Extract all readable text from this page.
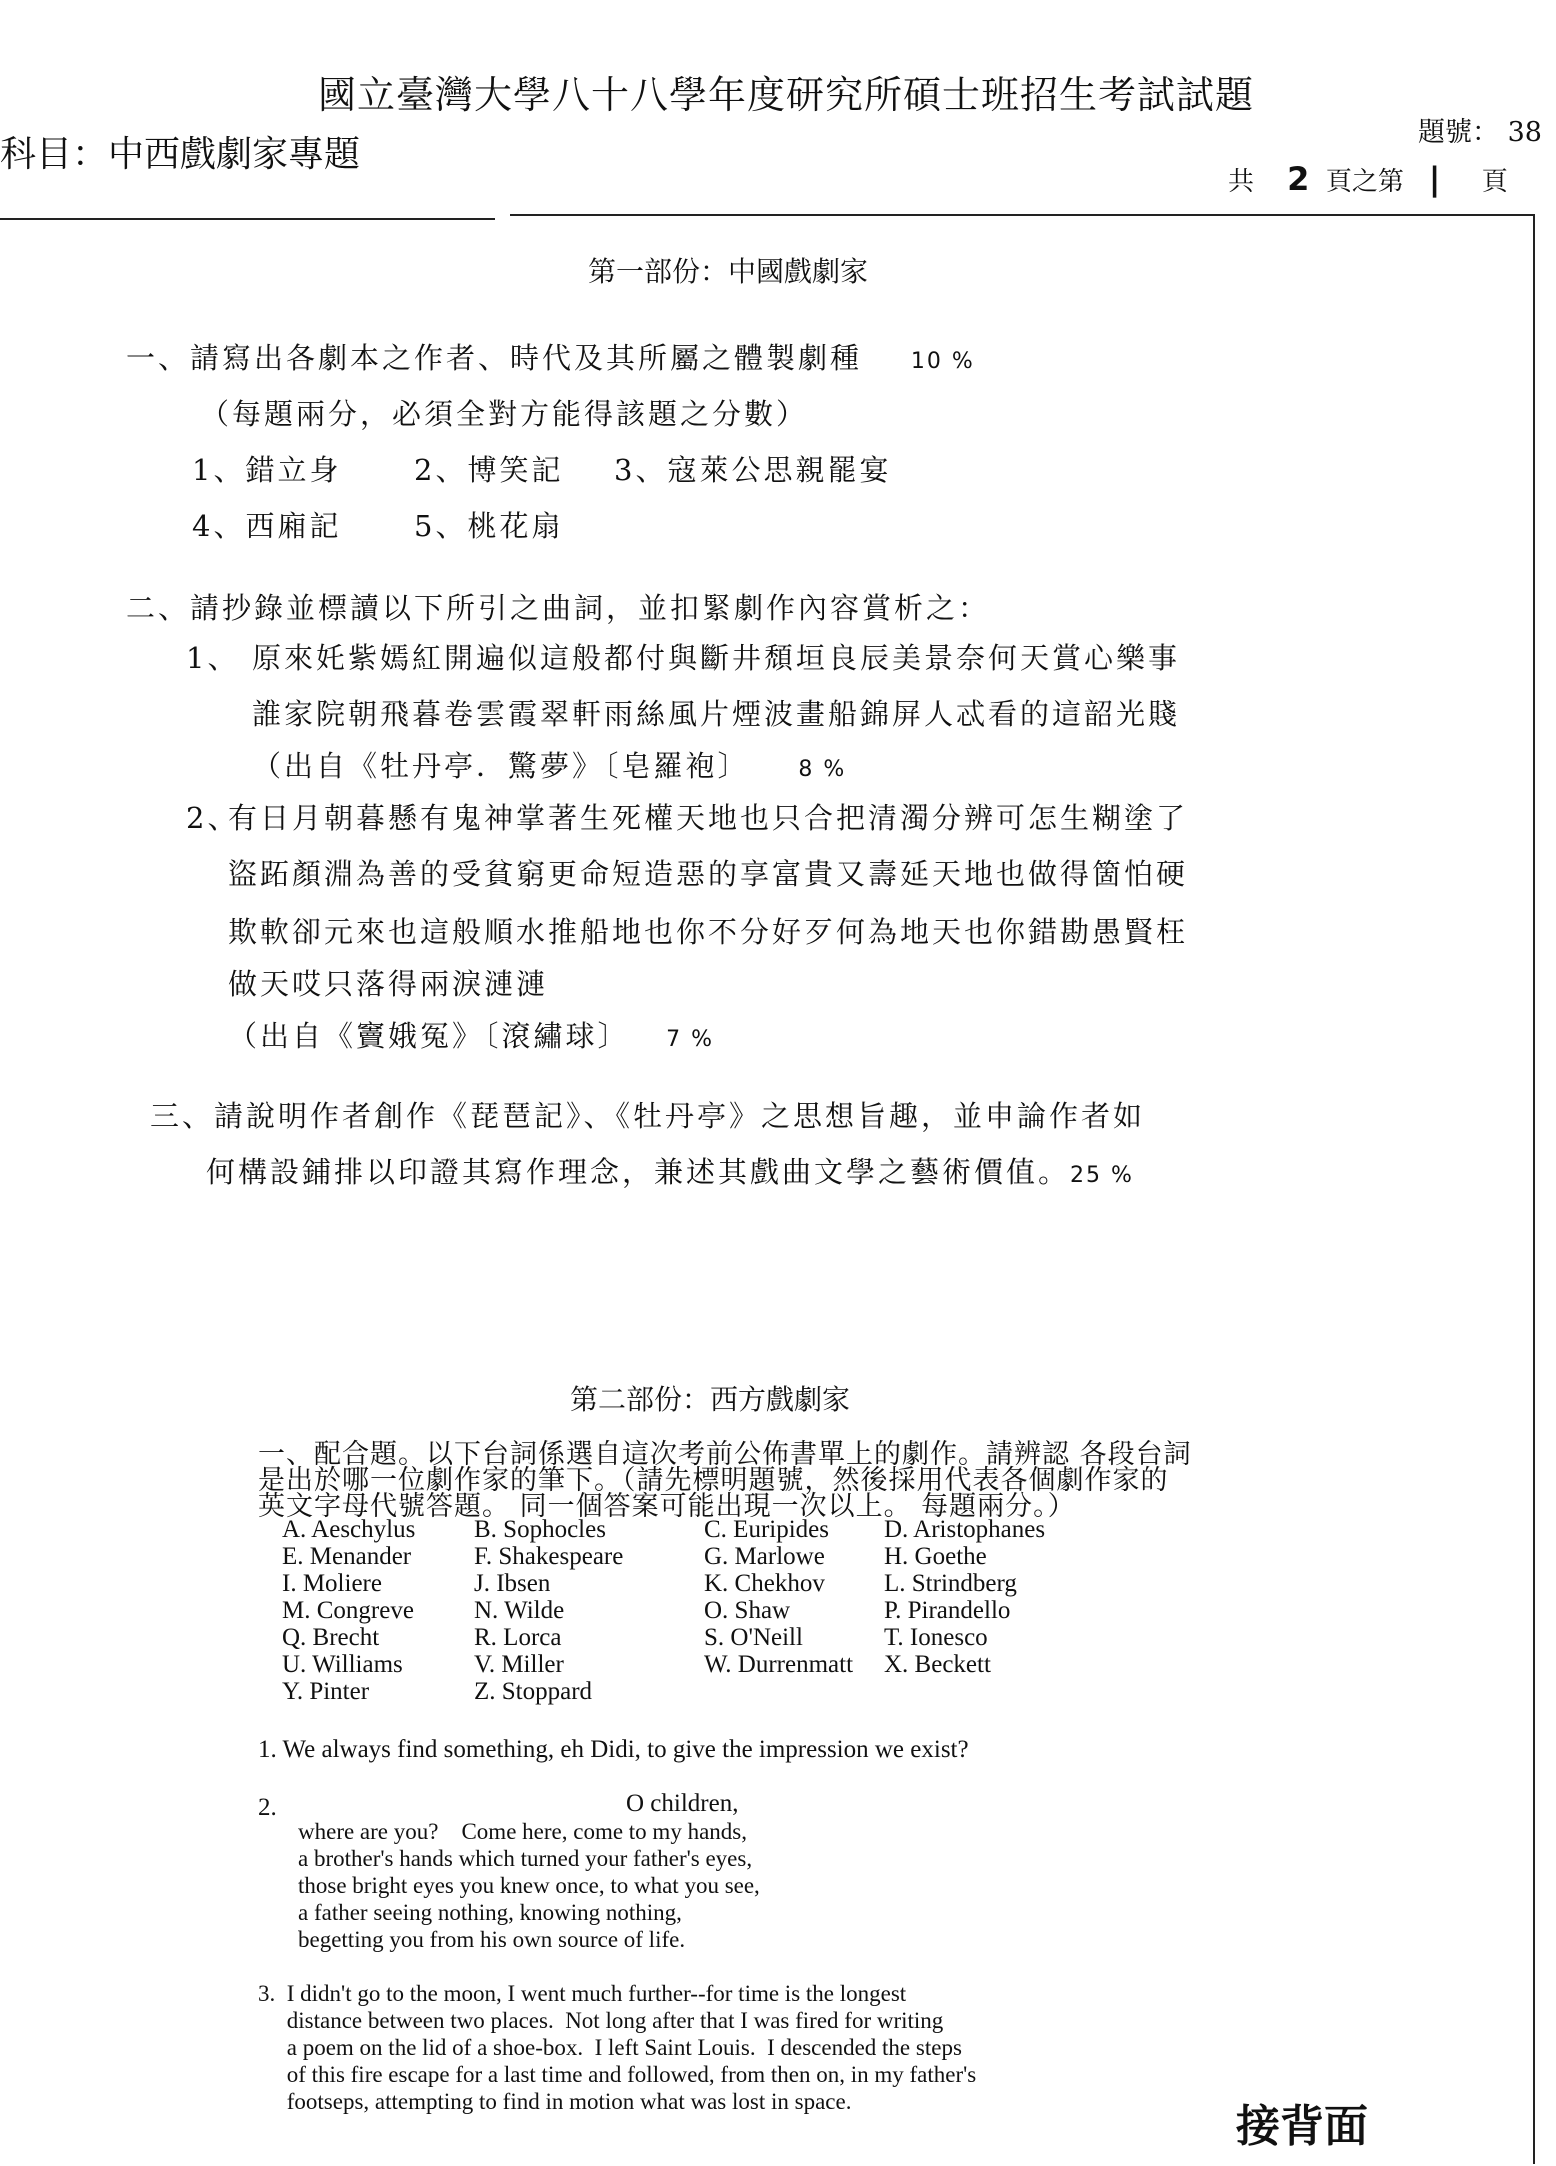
國立臺灣大學八十八學年度研究所碩士班招生考試試題
科目：中西戲劇家專題
題號： 38
共 2 頁之第 | 頁
第一部份：中國戲劇家
一、請寫出各劇本之作者、時代及其所屬之體製劇種 10 %
（每題兩分，必須全對方能得該題之分數）
1、錯立身	2、博笑記 3、寇萊公思親罷宴
4、西廂記	5、桃花扇
二、請抄錄並標讀以下所引之曲詞，並扣緊劇作內容賞析之：
1、 原來奼紫嫣紅開遍似這般都付與斷井頹垣良辰美景奈何天賞心樂事
誰家院朝飛暮卷雲霞翠軒雨絲風片煙波畫船錦屏人忒看的這韶光賤
（出自《牡丹亭．驚夢》〔皂羅袍〕 8 %
2、
有日月朝暮懸有鬼神掌著生死權天地也只合把清濁分辨可怎生糊塗了
盜跖顏淵為善的受貧窮更命短造惡的享富貴又壽延天地也做得箇怕硬
欺軟卻元來也這般順水推船地也你不分好歹何為地天也你錯勘愚賢枉
做天哎只落得兩淚漣漣
（出自《竇娥冤》〔滾繡球〕 7 %
三、請說明作者創作《琵琶記》、《牡丹亭》之思想旨趣，並申論作者如
何構設鋪排以印證其寫作理念，兼述其戲曲文學之藝術價值。25 %
第二部份：西方戲劇家
一、配合題。以下台詞係選自這次考前公佈書單上的劇作。請辨認 各段台詞
是出於哪一位劇作家的筆下。（請先標明題號，然後採用代表各個劇作家的
英文字母代號答題。 同一個答案可能出現一次以上。 每題兩分。）
A. Aeschylus B. Sophocles	C. Euripides D. Aristophanes
E. Menander	F. Shakespeare	G. Marlowe H. Goethe
I. Moliere	J. Ibsen	K. Chekhov L. Strindberg
M. Congreve N. Wilde	O. Shaw	P. Pirandello
Q. Brecht	R. Lorca	S. O'Neill	T. Ionesco
U. Williams	V. Miller	W. Durrenmatt X. Beckett
Y. Pinter	Z. Stoppard
1. We always find something, eh Didi, to give the impression we exist?
2.	O children,
where are you?    Come here, come to my hands,
a brother's hands which turned your father's eyes,
those bright eyes you knew once, to what you see,
a father seeing nothing, knowing nothing,
begetting you from his own source of life.
3.  I didn't go to the moon, I went much further--for time is the longest
distance between two places.  Not long after that I was fired for writing
a poem on the lid of a shoe-box.  I left Saint Louis.  I descended the steps
of this fire escape for a last time and followed, from then on, in my father's
footseps, attempting to find in motion what was lost in space.	接背面
